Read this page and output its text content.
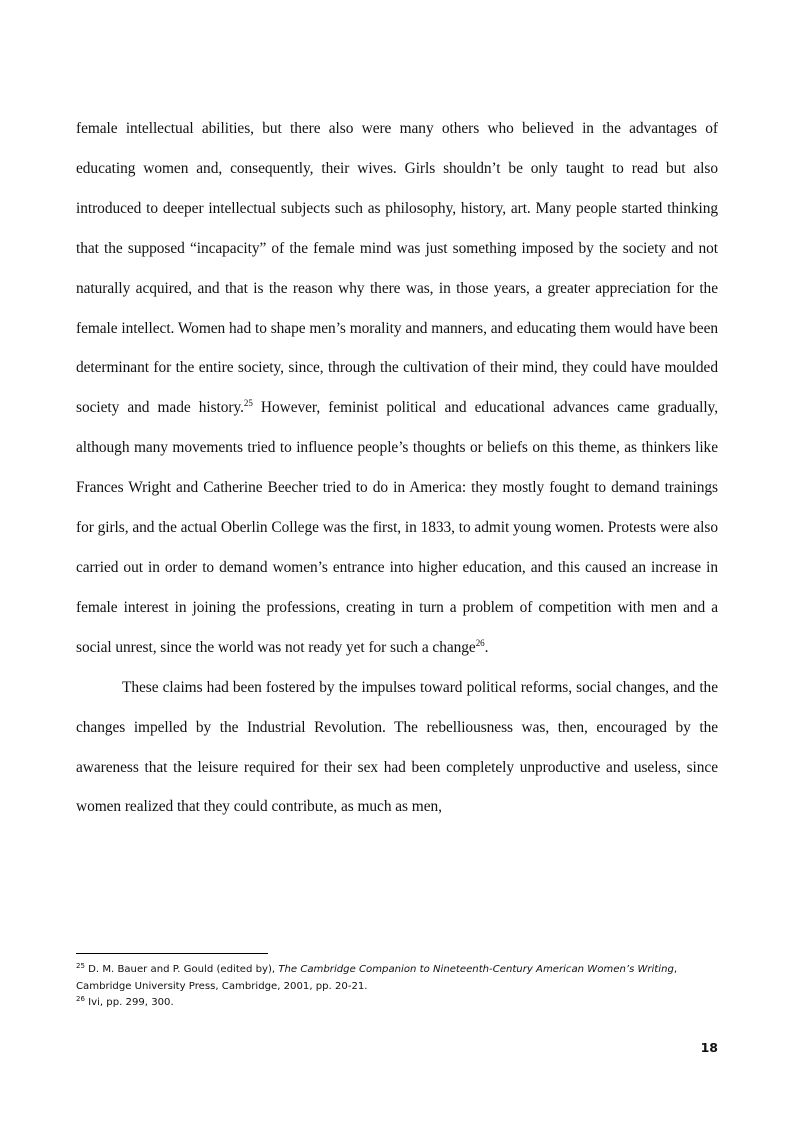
female intellectual abilities, but there also were many others who believed in the advantages of educating women and, consequently, their wives. Girls shouldn’t be only taught to read but also introduced to deeper intellectual subjects such as philosophy, history, art. Many people started thinking that the supposed “incapacity” of the female mind was just something imposed by the society and not naturally acquired, and that is the reason why there was, in those years, a greater appreciation for the female intellect. Women had to shape men’s morality and manners, and educating them would have been determinant for the entire society, since, through the cultivation of their mind, they could have moulded society and made history.$^{25}$ However, feminist political and educational advances came gradually, although many movements tried to influence people’s thoughts or beliefs on this theme, as thinkers like Frances Wright and Catherine Beecher tried to do in America: they mostly fought to demand trainings for girls, and the actual Oberlin College was the first, in 1833, to admit young women. Protests were also carried out in order to demand women’s entrance into higher education, and this caused an increase in female interest in joining the professions, creating in turn a problem of competition with men and a social unrest, since the world was not ready yet for such a change$^{26}$.

These claims had been fostered by the impulses toward political reforms, social changes, and the changes impelled by the Industrial Revolution. The rebelliousness was, then, encouraged by the awareness that the leisure required for their sex had been completely unproductive and useless, since women realized that they could contribute, as much as men,

$^{25}$ D. M. Bauer and P. Gould (edited by), The Cambridge Companion to Nineteenth-Century American Women’s Writing, Cambridge University Press, Cambridge, 2001, pp. 20-21.

$^{26}$ Ivi, pp. 299, 300.

18
